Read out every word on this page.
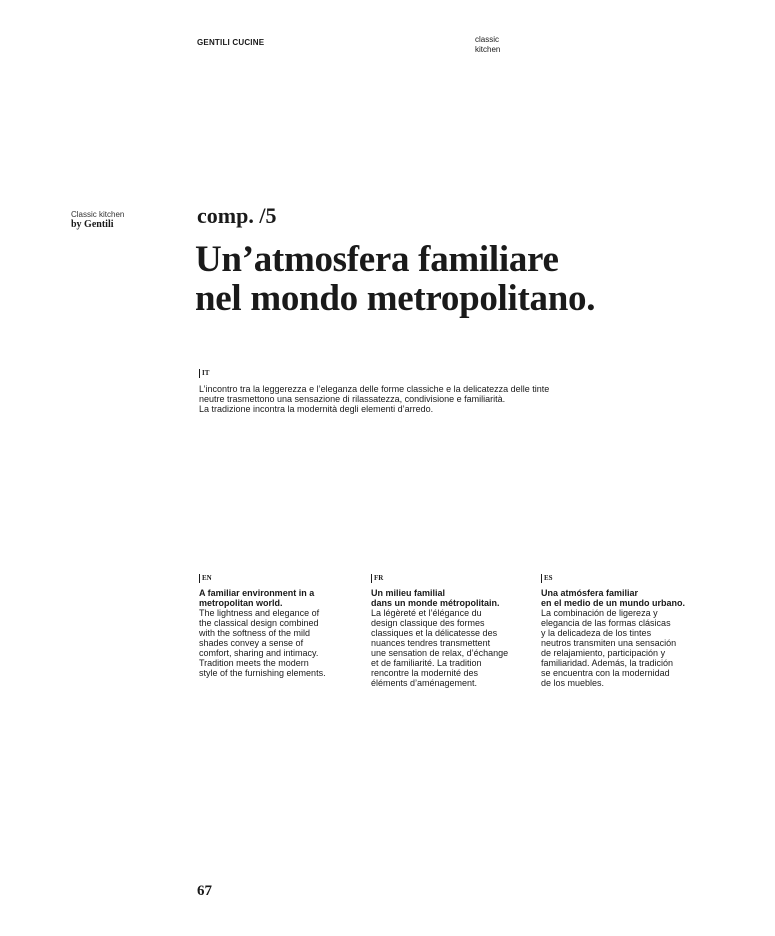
GENTILI CUCINE	classic
kitchen
Classic kitchen
by Gentili	comp. /5
Un’atmosfera familiare
nel mondo metropolitano.
IT
L’incontro tra la leggerezza e l’eleganza delle forme classiche e la delicatezza delle tinte
neutre trasmettono una sensazione di rilassatezza, condivisione e familiarità.
La tradizione incontra la modernità degli elementi d’arredo.
EN
A familiar environment in a
metropolitan world.
The lightness and elegance of
the classical design combined
with the softness of the mild
shades convey a sense of
comfort, sharing and intimacy.
Tradition meets the modern
style of the furnishing elements.
FR
Un milieu familial
dans un monde métropolitain.
La légèreté et l’élégance du
design classique des formes
classiques et la délicatesse des
nuances tendres transmettent
une sensation de relax, d’échange
et de familiarité. La tradition
rencontre la modernité des
éléments d’aménagement.
ES
Una atmósfera familiar
en el medio de un mundo urbano.
La combinación de ligereza y
elegancia de las formas clásicas
y la delicadeza de los tintes
neutros transmiten una sensación
de relajamiento, participación y
familiaridad. Además, la tradición
se encuentra con la modernidad
de los muebles.
67
